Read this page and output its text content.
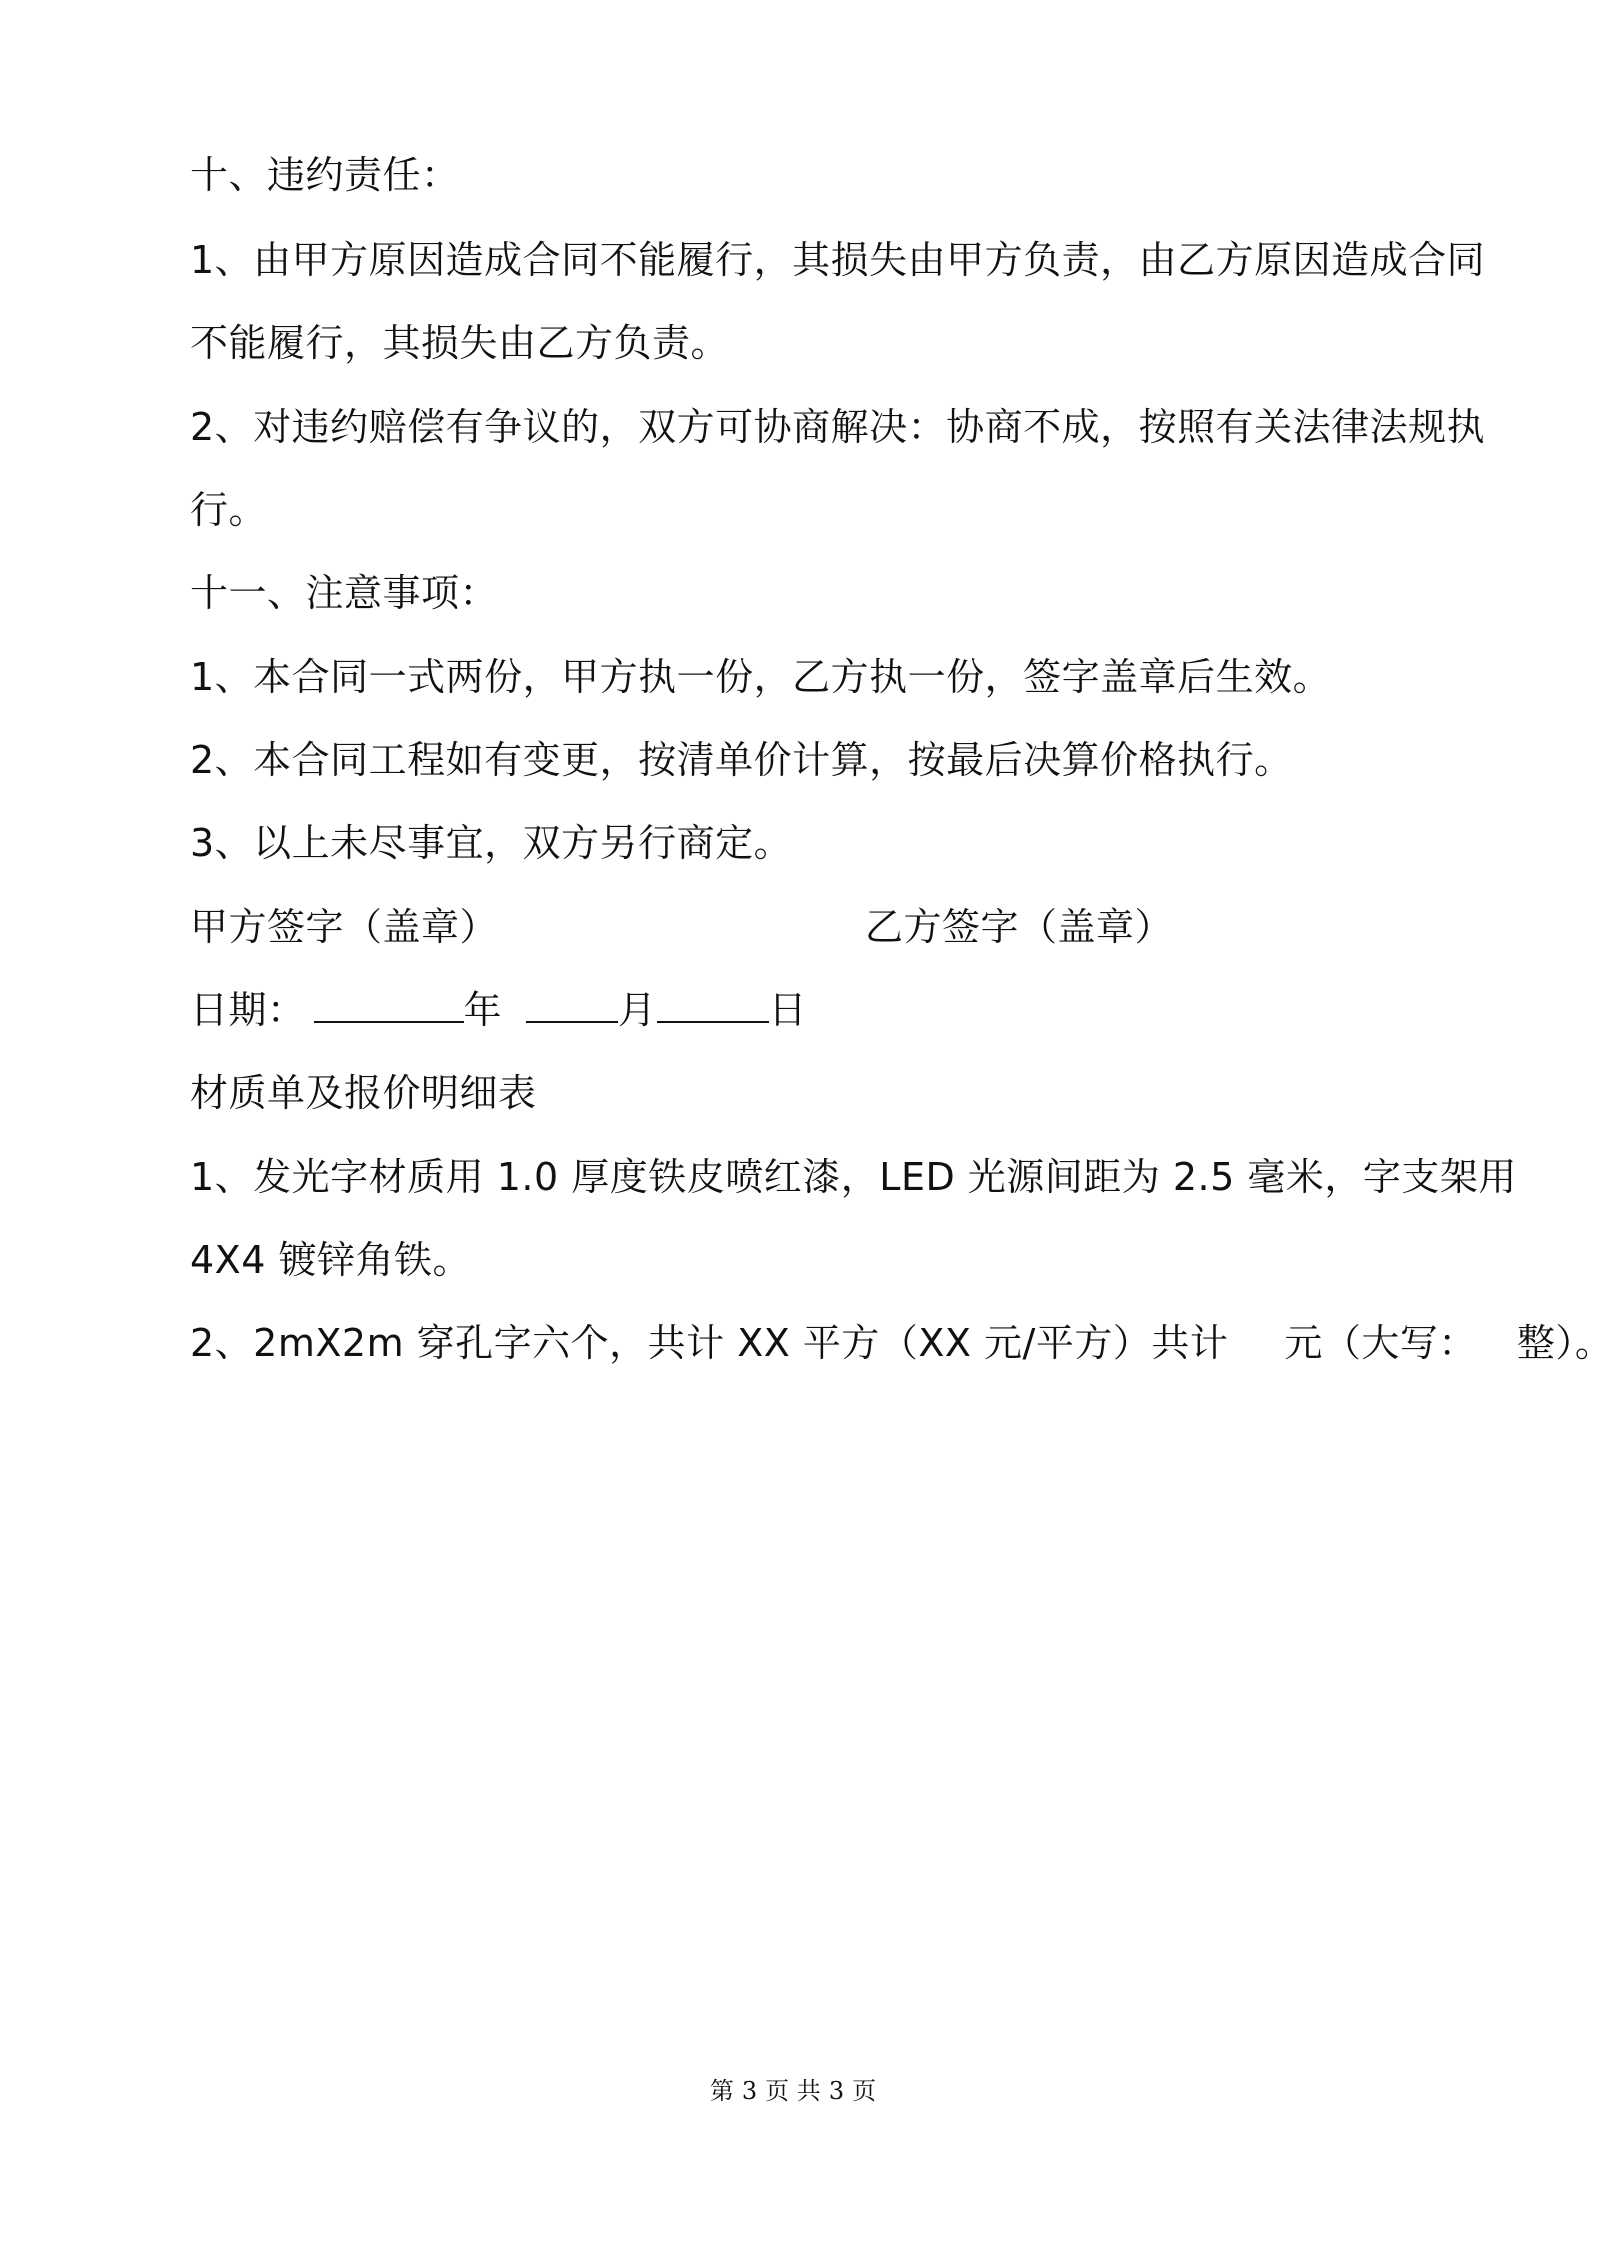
十、违约责任：
1、由甲方原因造成合同不能履行，其损失由甲方负责，由乙方原因造成合同
不能履行，其损失由乙方负责。
2、对违约赔偿有争议的，双方可协商解决：协商不成，按照有关法律法规执
行。
十一、注意事项：
1、本合同一式两份，甲方执一份，乙方执一份，签字盖章后生效。
2、本合同工程如有变更，按清单价计算，按最后决算价格执行。
3、以上未尽事宜，双方另行商定。
甲方签字（盖章）	乙方签字（盖章）
日期：	年	月	日
材质单及报价明细表
1、发光字材质用 1.0 厚度铁皮喷红漆，LED 光源间距为 2.5 毫米，字支架用
4X4 镀锌角铁。
2、2mX2m 穿孔字六个，共计 XX 平方（XX 元/平方）共计 元（大写： 整）。
第 3 页 共 3 页
